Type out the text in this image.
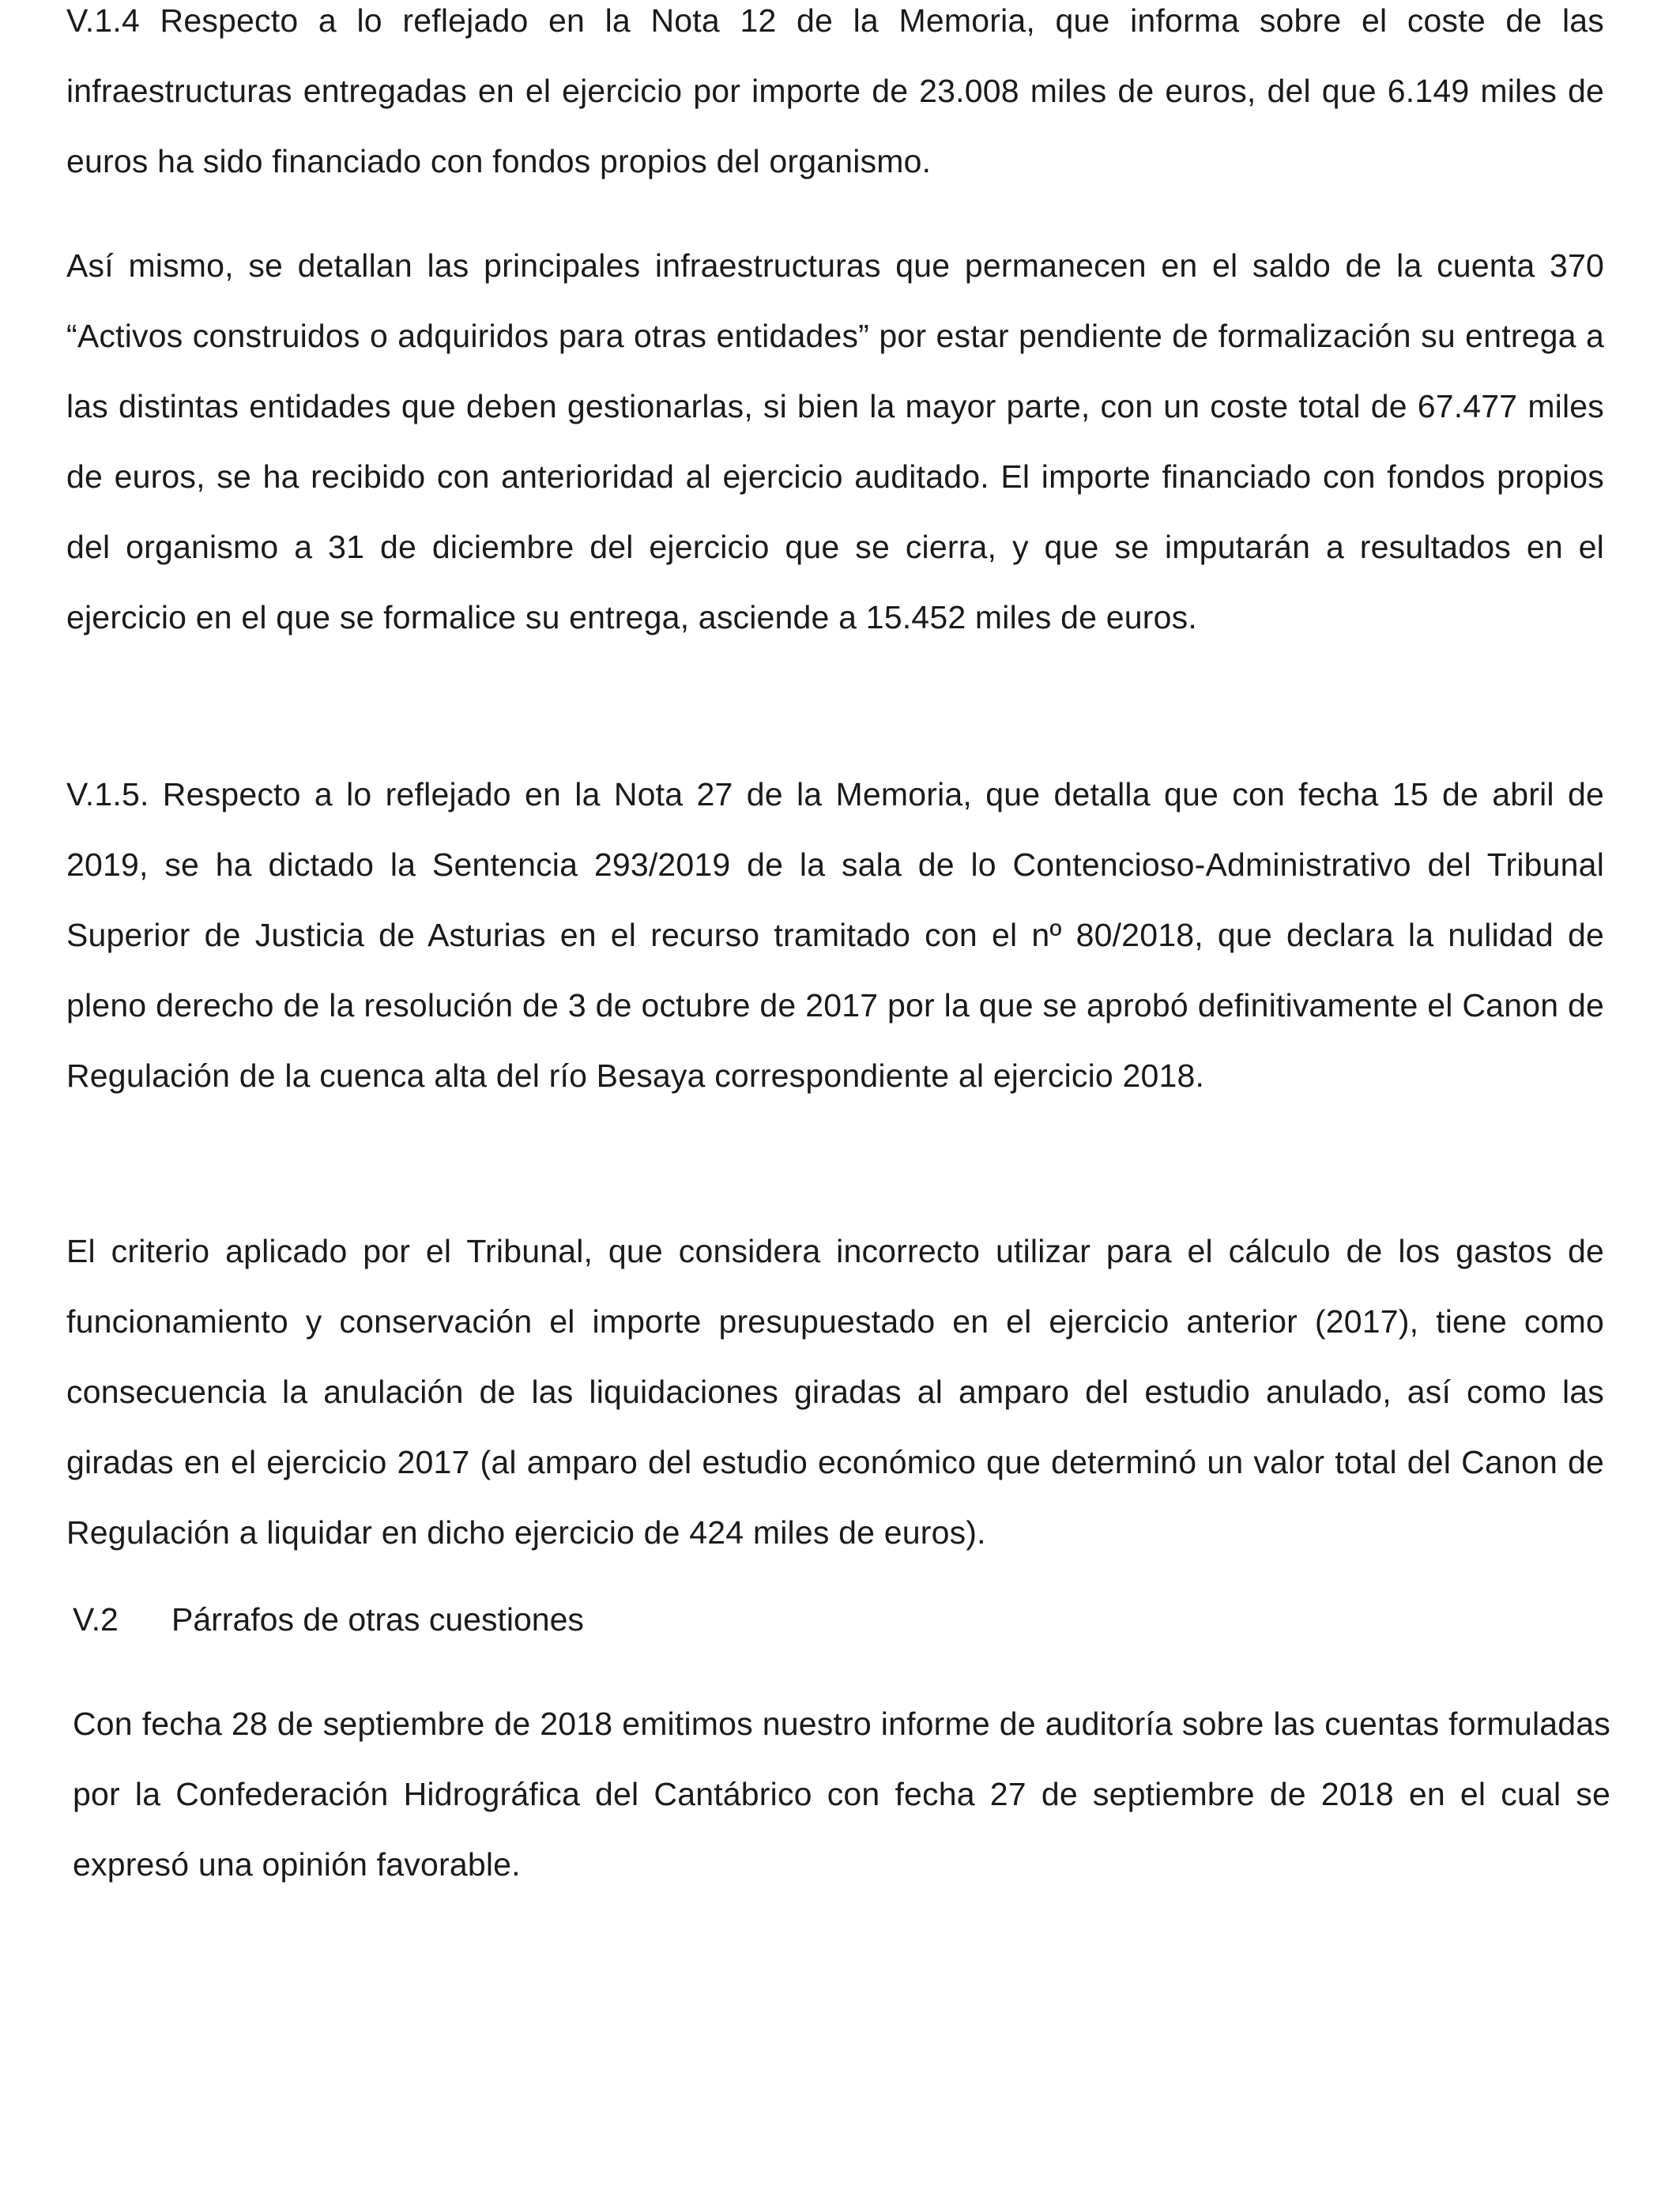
V.1.4 Respecto a lo reflejado en la Nota 12 de la Memoria, que informa sobre el coste de las infraestructuras entregadas en el ejercicio por importe de 23.008 miles de euros, del que 6.149 miles de euros ha sido financiado con fondos propios del organismo.

Así mismo, se detallan las principales infraestructuras que permanecen en el saldo de la cuenta 370 “Activos construidos o adquiridos para otras entidades” por estar pendiente de formalización su entrega a las distintas entidades que deben gestionarlas, si bien la mayor parte, con un coste total de 67.477 miles de euros, se ha recibido con anterioridad al ejercicio auditado. El importe financiado con fondos propios del organismo a 31 de diciembre del ejercicio que se cierra, y que se imputarán a resultados en el ejercicio en el que se formalice su entrega, asciende a 15.452 miles de euros.

V.1.5. Respecto a lo reflejado en la Nota 27 de la Memoria, que detalla que con fecha 15 de abril de 2019, se ha dictado la Sentencia 293/2019 de la sala de lo Contencioso-Administrativo del Tribunal Superior de Justicia de Asturias en el recurso tramitado con el nº 80/2018, que declara la nulidad de pleno derecho de la resolución de 3 de octubre de 2017 por la que se aprobó definitivamente el Canon de Regulación de la cuenca alta del río Besaya correspondiente al ejercicio 2018.

El criterio aplicado por el Tribunal, que considera incorrecto utilizar para el cálculo de los gastos de funcionamiento y conservación el importe presupuestado en el ejercicio anterior (2017), tiene como consecuencia la anulación de las liquidaciones giradas al amparo del estudio anulado, así como las giradas en el ejercicio 2017 (al amparo del estudio económico que determinó un valor total del Canon de Regulación a liquidar en dicho ejercicio de 424 miles de euros).

V.2 Párrafos de otras cuestiones

Con fecha 28 de septiembre de 2018 emitimos nuestro informe de auditoría sobre las cuentas formuladas por la Confederación Hidrográfica del Cantábrico con fecha 27 de septiembre de 2018 en el cual se expresó una opinión favorable.
